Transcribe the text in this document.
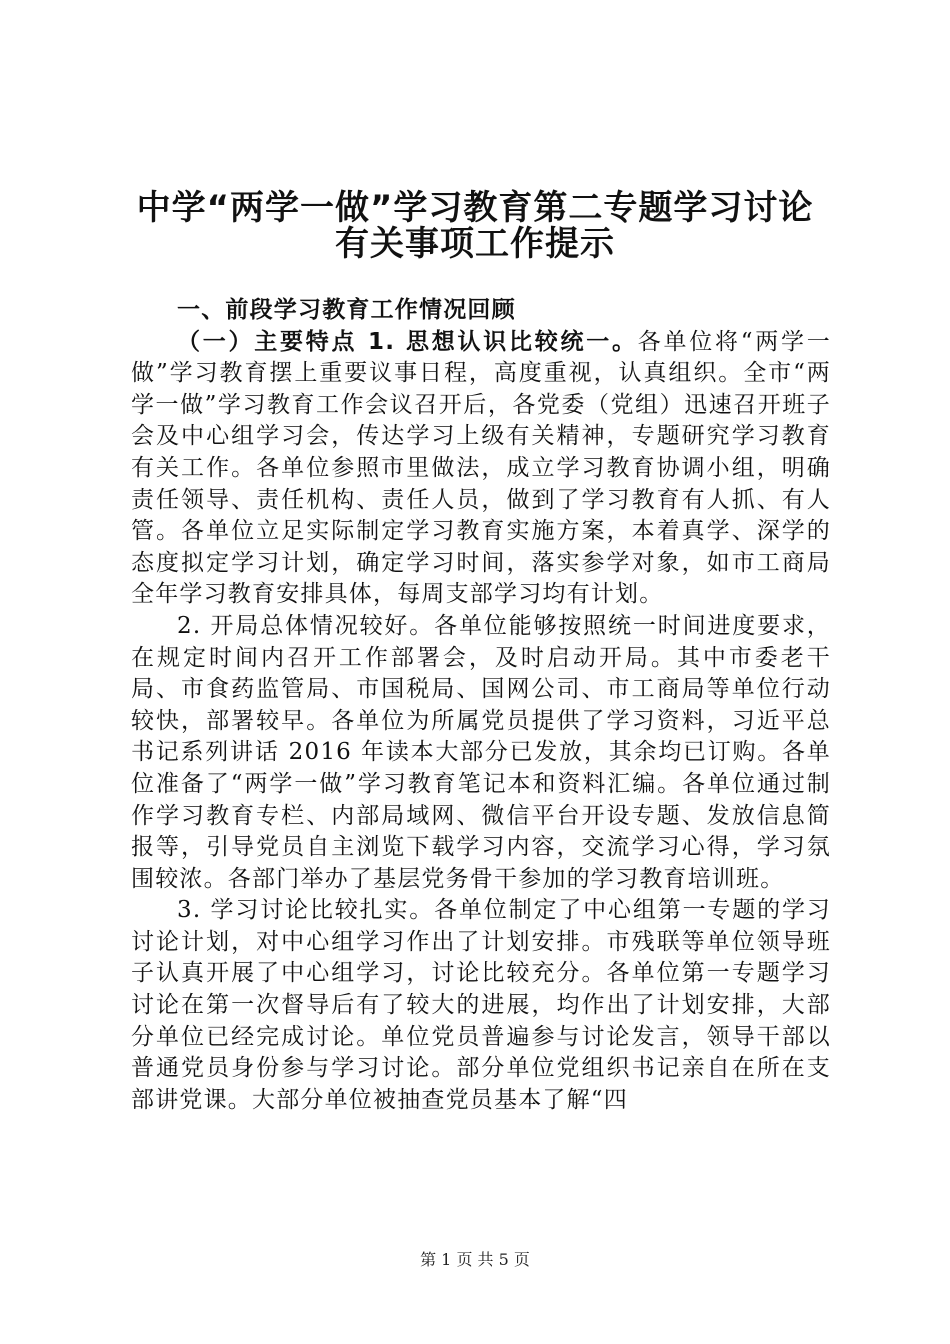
中学“两学一做”学习教育第二专题学习讨论
有关事项工作提示

一、前段学习教育工作情况回顾

（一）主要特点 1. 思想认识比较统一。各单位将“两学一做”学习教育摆上重要议事日程，高度重视，认真组织。全市“两学一做”学习教育工作会议召开后，各党委（党组）迅速召开班子会及中心组学习会，传达学习上级有关精神，专题研究学习教育有关工作。各单位参照市里做法，成立学习教育协调小组，明确责任领导、责任机构、责任人员，做到了学习教育有人抓、有人管。各单位立足实际制定学习教育实施方案，本着真学、深学的态度拟定学习计划，确定学习时间，落实参学对象，如市工商局全年学习教育安排具体，每周支部学习均有计划。

2. 开局总体情况较好。各单位能够按照统一时间进度要求，在规定时间内召开工作部署会，及时启动开局。其中市委老干局、市食药监管局、市国税局、国网公司、市工商局等单位行动较快，部署较早。各单位为所属党员提供了学习资料，习近平总书记系列讲话 2016 年读本大部分已发放，其余均已订购。各单位准备了“两学一做”学习教育笔记本和资料汇编。各单位通过制作学习教育专栏、内部局域网、微信平台开设专题、发放信息简报等，引导党员自主浏览下载学习内容，交流学习心得，学习氛围较浓。各部门举办了基层党务骨干参加的学习教育培训班。

3. 学习讨论比较扎实。各单位制定了中心组第一专题的学习讨论计划，对中心组学习作出了计划安排。市残联等单位领导班子认真开展了中心组学习，讨论比较充分。各单位第一专题学习讨论在第一次督导后有了较大的进展，均作出了计划安排，大部分单位已经完成讨论。单位党员普遍参与讨论发言，领导干部以普通党员身份参与学习讨论。部分单位党组织书记亲自在所在支部讲党课。大部分单位被抽查党员基本了解“四

第 1 页 共 5 页
